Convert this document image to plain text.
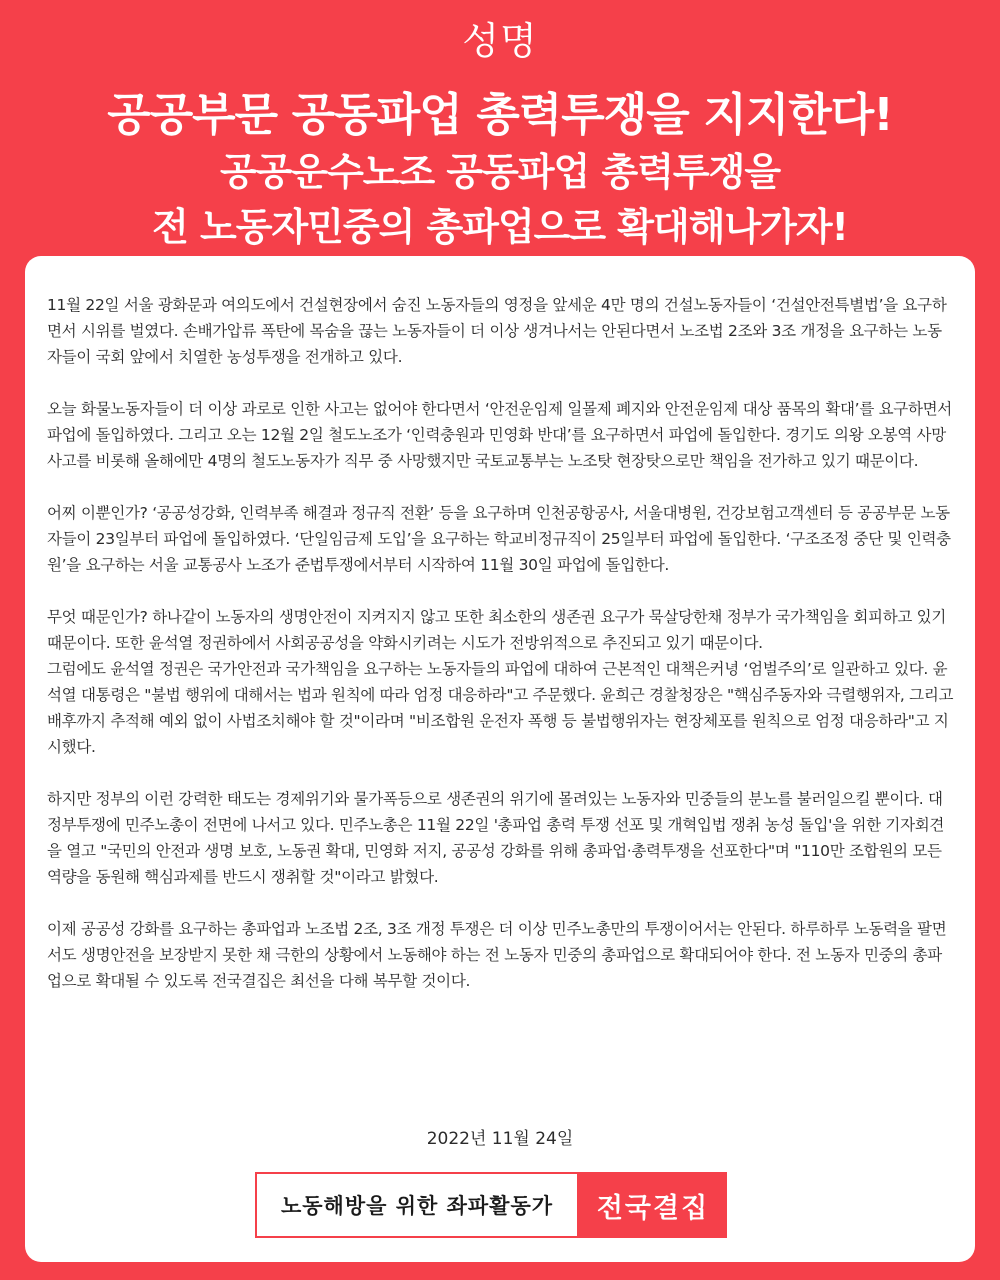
성명
공공부문 공동파업 총력투쟁을 지지한다!
공공운수노조 공동파업 총력투쟁을
전 노동자민중의 총파업으로 확대해나가자!

11월 22일 서울 광화문과 여의도에서 건설현장에서 숨진 노동자들의 영정을 앞세운 4만 명의 건설노동자들이 ‘건설안전특별법’을 요구하면서 시위를 벌였다. 손배가압류 폭탄에 목숨을 끊는 노동자들이 더 이상 생겨나서는 안된다면서 노조법 2조와 3조 개정을 요구하는 노동자들이 국회 앞에서 치열한 농성투쟁을 전개하고 있다.

오늘 화물노동자들이 더 이상 과로로 인한 사고는 없어야 한다면서 ‘안전운임제 일몰제 폐지와 안전운임제 대상 품목의 확대’를 요구하면서 파업에 돌입하였다. 그리고 오는 12월 2일 철도노조가 ‘인력충원과 민영화 반대’를 요구하면서 파업에 돌입한다. 경기도 의왕 오봉역 사망사고를 비롯해 올해에만 4명의 철도노동자가 직무 중 사망했지만 국토교통부는 노조탓 현장탓으로만 책임을 전가하고 있기 때문이다.

어찌 이뿐인가? ‘공공성강화, 인력부족 해결과 정규직 전환’ 등을 요구하며 인천공항공사, 서울대병원, 건강보험고객센터 등 공공부문 노동자들이 23일부터 파업에 돌입하였다. ‘단일임금제 도입’을 요구하는 학교비정규직이 25일부터 파업에 돌입한다. ‘구조조정 중단 및 인력충원’을 요구하는 서울 교통공사 노조가 준법투쟁에서부터 시작하여 11월 30일 파업에 돌입한다.

무엇 때문인가? 하나같이 노동자의 생명안전이 지켜지지 않고 또한 최소한의 생존권 요구가 묵살당한채 정부가 국가책임을 회피하고 있기 때문이다. 또한 윤석열 정권하에서 사회공공성을 약화시키려는 시도가 전방위적으로 추진되고 있기 때문이다.

그럼에도 윤석열 정권은 국가안전과 국가책임을 요구하는 노동자들의 파업에 대하여 근본적인 대책은커녕 ‘엄벌주의’로 일관하고 있다. 윤석열 대통령은 "불법 행위에 대해서는 법과 원칙에 따라 엄정 대응하라"고 주문했다. 윤희근 경찰청장은 "핵심주동자와 극렬행위자, 그리고 배후까지 추적해 예외 없이 사법조치해야 할 것"이라며 "비조합원 운전자 폭행 등 불법행위자는 현장체포를 원칙으로 엄정 대응하라"고 지시했다.

하지만 정부의 이런 강력한 태도는 경제위기와 물가폭등으로 생존권의 위기에 몰려있는 노동자와 민중들의 분노를 불러일으킬 뿐이다. 대정부투쟁에 민주노총이 전면에 나서고 있다. 민주노총은 11월 22일 '총파업 총력 투쟁 선포 및 개혁입법 쟁취 농성 돌입'을 위한 기자회견을 열고 "국민의 안전과 생명 보호, 노동권 확대, 민영화 저지, 공공성 강화를 위해 총파업·총력투쟁을 선포한다"며 "110만 조합원의 모든 역량을 동원해 핵심과제를 반드시 쟁취할 것"이라고 밝혔다.

이제 공공성 강화를 요구하는 총파업과 노조법 2조, 3조 개정 투쟁은 더 이상 민주노총만의 투쟁이어서는 안된다. 하루하루 노동력을 팔면서도 생명안전을 보장받지 못한 채 극한의 상황에서 노동해야 하는 전 노동자 민중의 총파업으로 확대되어야 한다. 전 노동자 민중의 총파업으로 확대될 수 있도록 전국결집은 최선을 다해 복무할 것이다.

2022년 11월 24일
노동해방을 위한 좌파활동가	전국결집
